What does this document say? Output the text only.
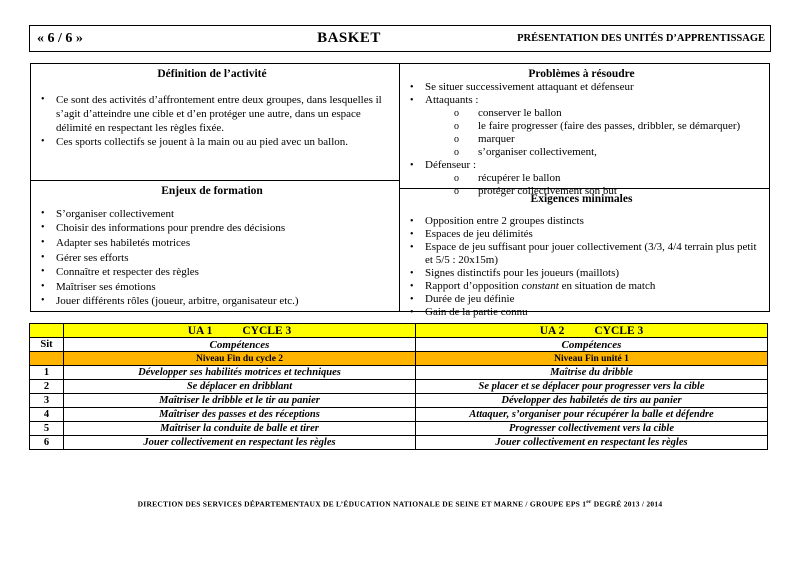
« 6 / 6 »	BASKET	PRÉSENTATION DES UNITÉS D’APPRENTISSAGE
Définition de l’activité
•	Ce sont des activités d’affrontement entre deux groupes, dans lesquelles il s’agit d’atteindre une cible et d’en protéger une autre, dans un espace délimité en respectant les règles fixée.
•	Ces sports collectifs se jouent à la main ou au pied avec un ballon.
Enjeux de formation
•	S’organiser collectivement
•	Choisir des informations pour prendre des décisions
•	Adapter ses habiletés motrices
•	Gérer ses efforts
•	Connaître et respecter des règles
•	Maîtriser ses émotions
•	Jouer différents rôles (joueur, arbitre, organisateur etc.)
Problèmes à résoudre
•	Se situer successivement attaquant et défenseur
•	Attaquants :
o	conserver le ballon
o	le faire progresser (faire des passes, dribbler, se démarquer)
o	marquer
o	s’organiser collectivement,
•	Défenseur :
o	récupérer le ballon
o	protéger collectivement son but
Exigences minimales
•	Opposition entre 2 groupes distincts
•	Espaces de jeu délimités
•	Espace de jeu suffisant pour jouer collectivement (3/3, 4/4 terrain plus petit et 5/5 : 20x15m)
•	Signes distinctifs pour les joueurs (maillots)
•	Rapport d’opposition constant en situation de match
•	Durée de jeu définie
•	Gain de la partie connu
	UA 1 CYCLE 3	UA 2 CYCLE 3
Sit	Compétences	Compétences
	Niveau Fin du cycle 2	Niveau Fin unité 1
1	Développer ses habilités motrices et techniques	Maîtrise du dribble
2	Se déplacer en dribblant	Se placer et se déplacer pour progresser vers la cible
3	Maîtriser le dribble et le tir au panier	Développer des habiletés de tirs au panier
4	Maîtriser des passes et des réceptions	Attaquer, s’organiser pour récupérer la balle et défendre
5	Maîtriser la conduite de balle et tirer	Progresser collectivement vers la cible
6	Jouer collectivement en respectant les règles	Jouer collectivement en respectant les règles
DIRECTION DES SERVICES DÉPARTEMENTAUX DE L’ÉDUCATION NATIONALE DE SEINE ET MARNE / GROUPE EPS 1er DEGRÉ 2013 / 2014
